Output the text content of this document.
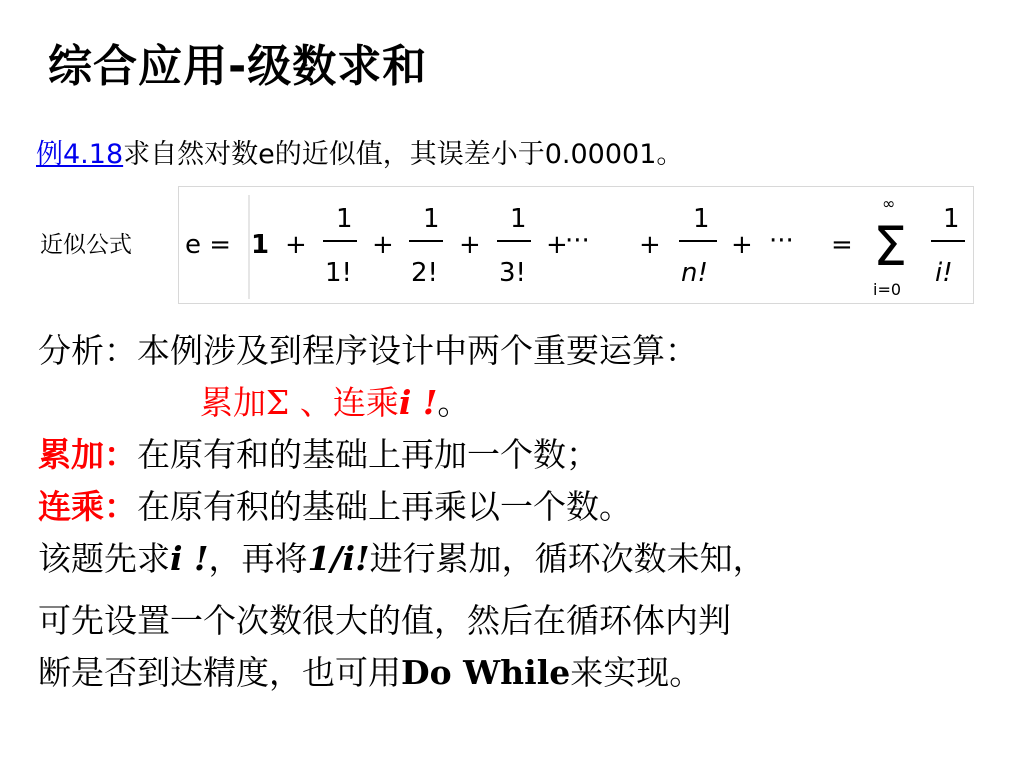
综合应用-级数求和
例4.18求自然对数e的近似值，其误差小于0.00001。
近似公式 e = 1 +
1
1!
+
1
2!
+
1
3!
+
··· +
1
n!
+ ··· =
∞
Σ
i=0
1
i!
分析：本例涉及到程序设计中两个重要运算：
累加Σ 、连乘i !。
累加：在原有和的基础上再加一个数；
连乘：在原有积的基础上再乘以一个数。
该题先求i !，再将1/i!进行累加，循环次数未知，
可先设置一个次数很大的值，然后在循环体内判
断是否到达精度，也可用Do While来实现。
